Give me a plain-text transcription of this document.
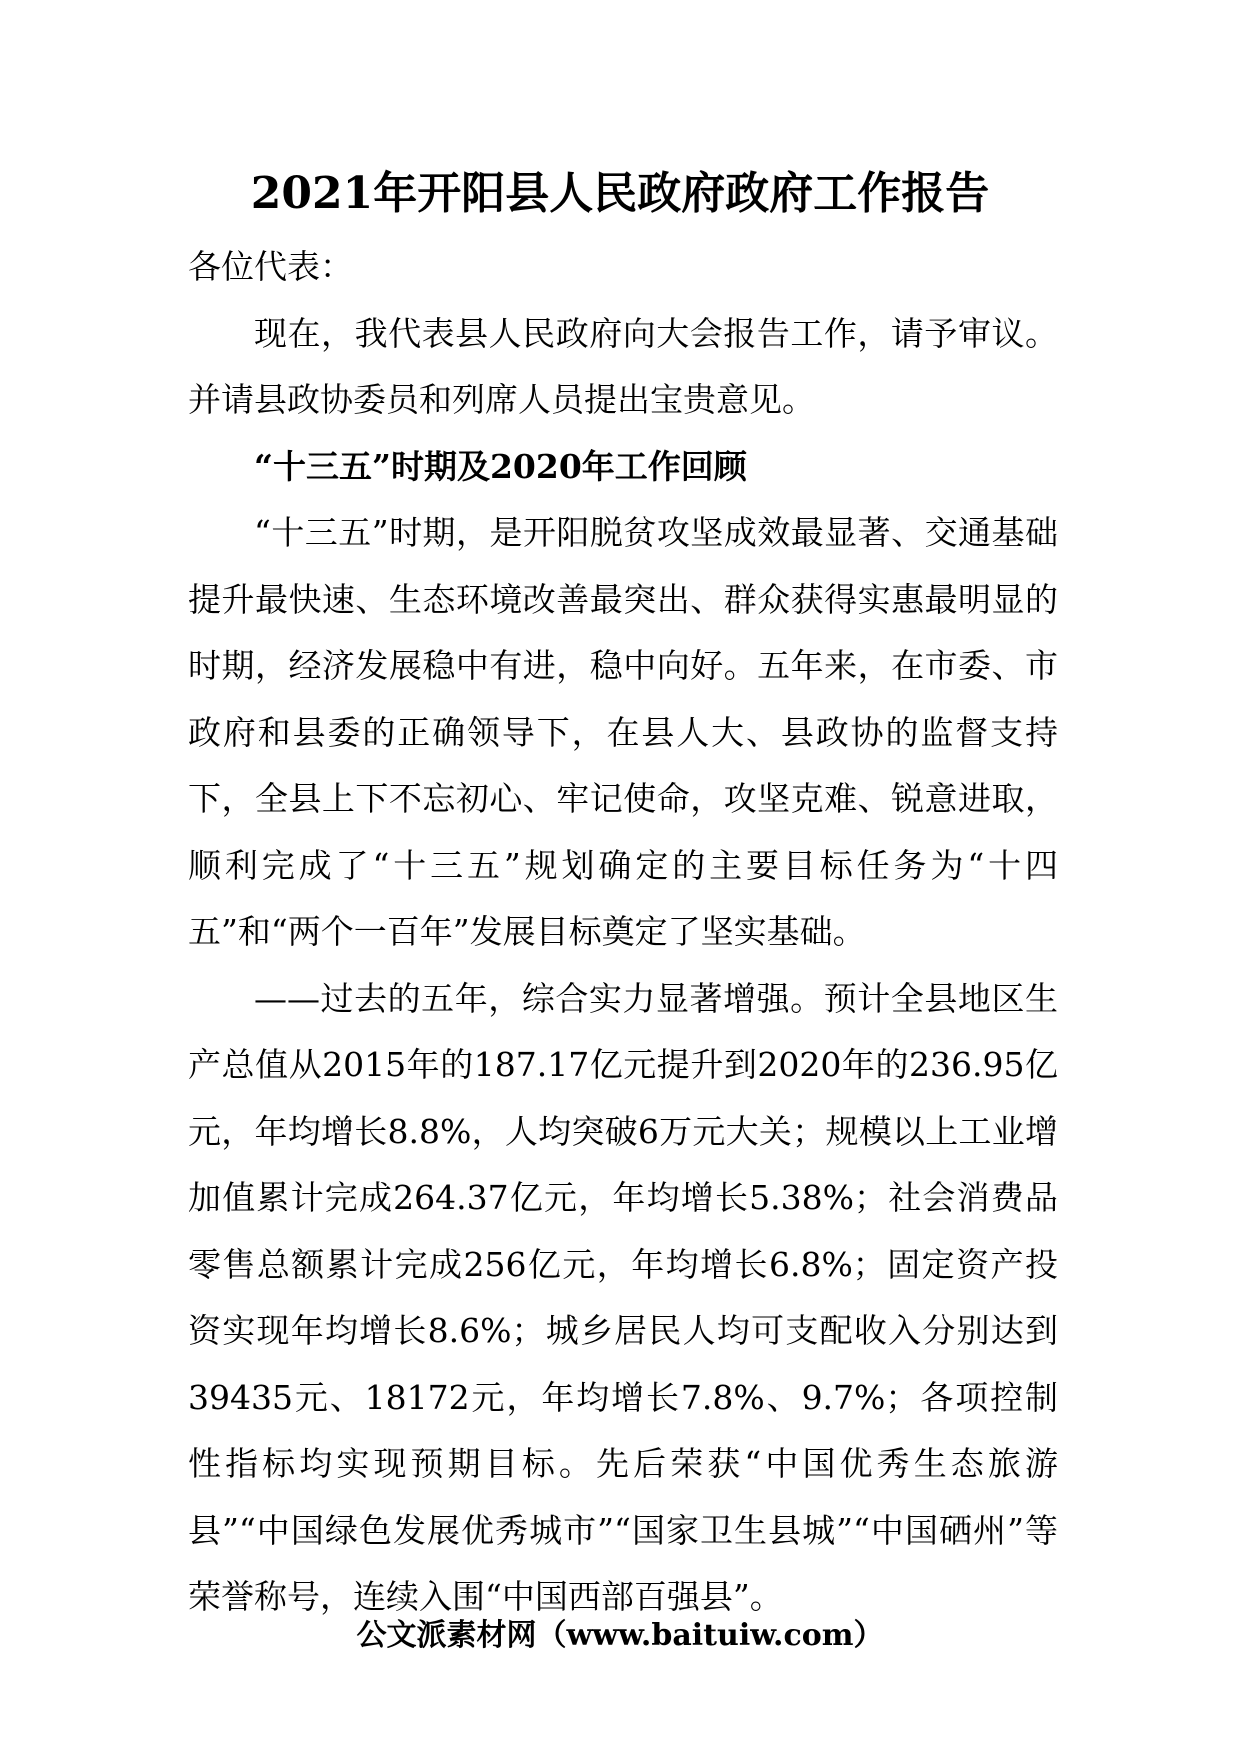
2021年开阳县人民政府政府工作报告

各位代表：

现在，我代表县人民政府向大会报告工作，请予审议。并请县政协委员和列席人员提出宝贵意见。

“十三五”时期及2020年工作回顾

“十三五”时期，是开阳脱贫攻坚成效最显著、交通基础提升最快速、生态环境改善最突出、群众获得实惠最明显的时期，经济发展稳中有进，稳中向好。五年来，在市委、市政府和县委的正确领导下，在县人大、县政协的监督支持下，全县上下不忘初心、牢记使命，攻坚克难、锐意进取，顺利完成了“十三五”规划确定的主要目标任务为“十四五”和“两个一百年”发展目标奠定了坚实基础。

——过去的五年，综合实力显著增强。预计全县地区生产总值从2015年的187.17亿元提升到2020年的236.95亿元，年均增长8.8%，人均突破6万元大关；规模以上工业增加值累计完成264.37亿元，年均增长5.38%；社会消费品零售总额累计完成256亿元，年均增长6.8%；固定资产投资实现年均增长8.6%；城乡居民人均可支配收入分别达到39435元、18172元，年均增长7.8%、9.7%；各项控制性指标均实现预期目标。先后荣获“中国优秀生态旅游县”“中国绿色发展优秀城市”“国家卫生县城”“中国硒州”等荣誉称号，连续入围“中国西部百强县”。

公文派素材网（www.baituiw.com）
